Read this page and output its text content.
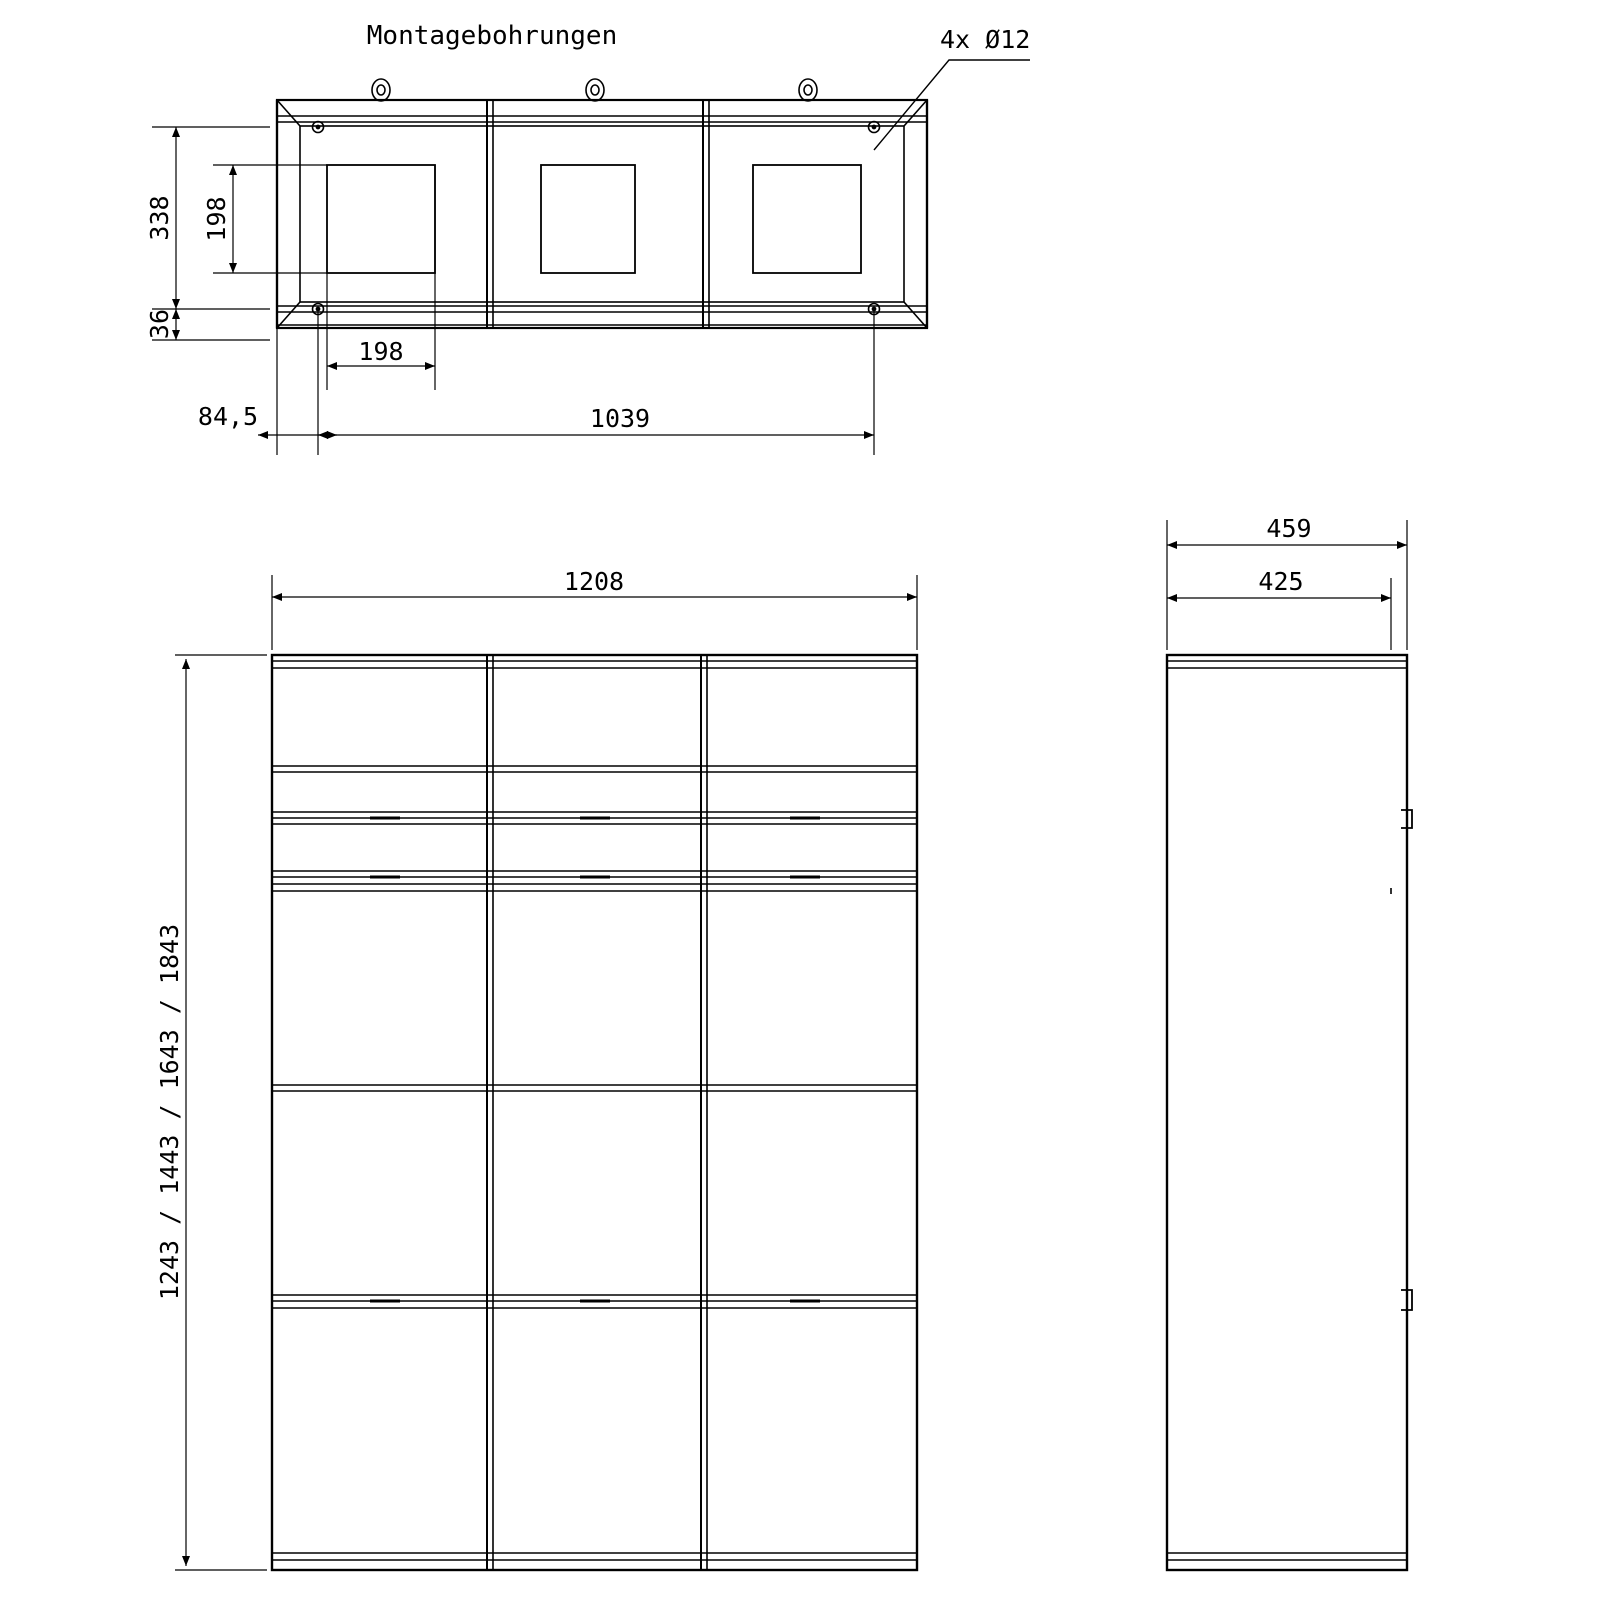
Montagebohrungen	4x Ø12
338 198
36
198
84,5	1039
1208
1243 / 1443 / 1643 / 1843
459
425
